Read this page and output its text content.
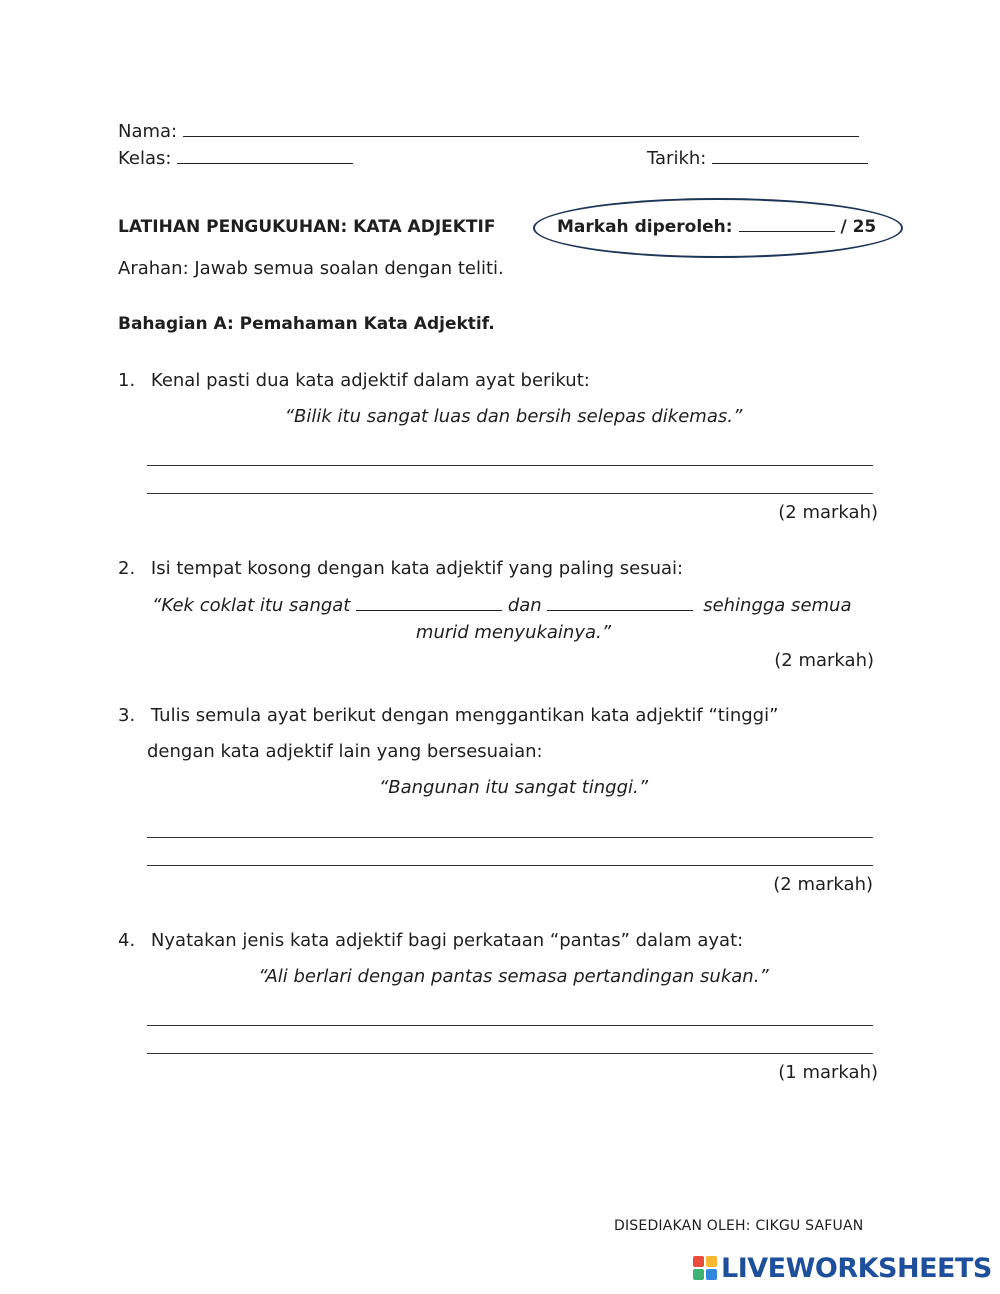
Nama:
Kelas:	Tarikh:
LATIHAN PENGUKUHAN: KATA ADJEKTIF	Markah diperoleh:	/ 25
Arahan: Jawab semua soalan dengan teliti.
Bahagian A: Pemahaman Kata Adjektif.
1. Kenal pasti dua kata adjektif dalam ayat berikut:
“Bilik itu sangat luas dan bersih selepas dikemas.”
(2 markah)
2. Isi tempat kosong dengan kata adjektif yang paling sesuai:
“Kek coklat itu sangat	dan	sehingga semua
murid menyukainya.”
(2 markah)
3. Tulis semula ayat berikut dengan menggantikan kata adjektif “tinggi”
dengan kata adjektif lain yang bersesuaian:
“Bangunan itu sangat tinggi.”
(2 markah)
4. Nyatakan jenis kata adjektif bagi perkataan “pantas” dalam ayat:
“Ali berlari dengan pantas semasa pertandingan sukan.”
(1 markah)
DISEDIAKAN OLEH: CIKGU SAFUAN
LIVEWORKSHEETS
